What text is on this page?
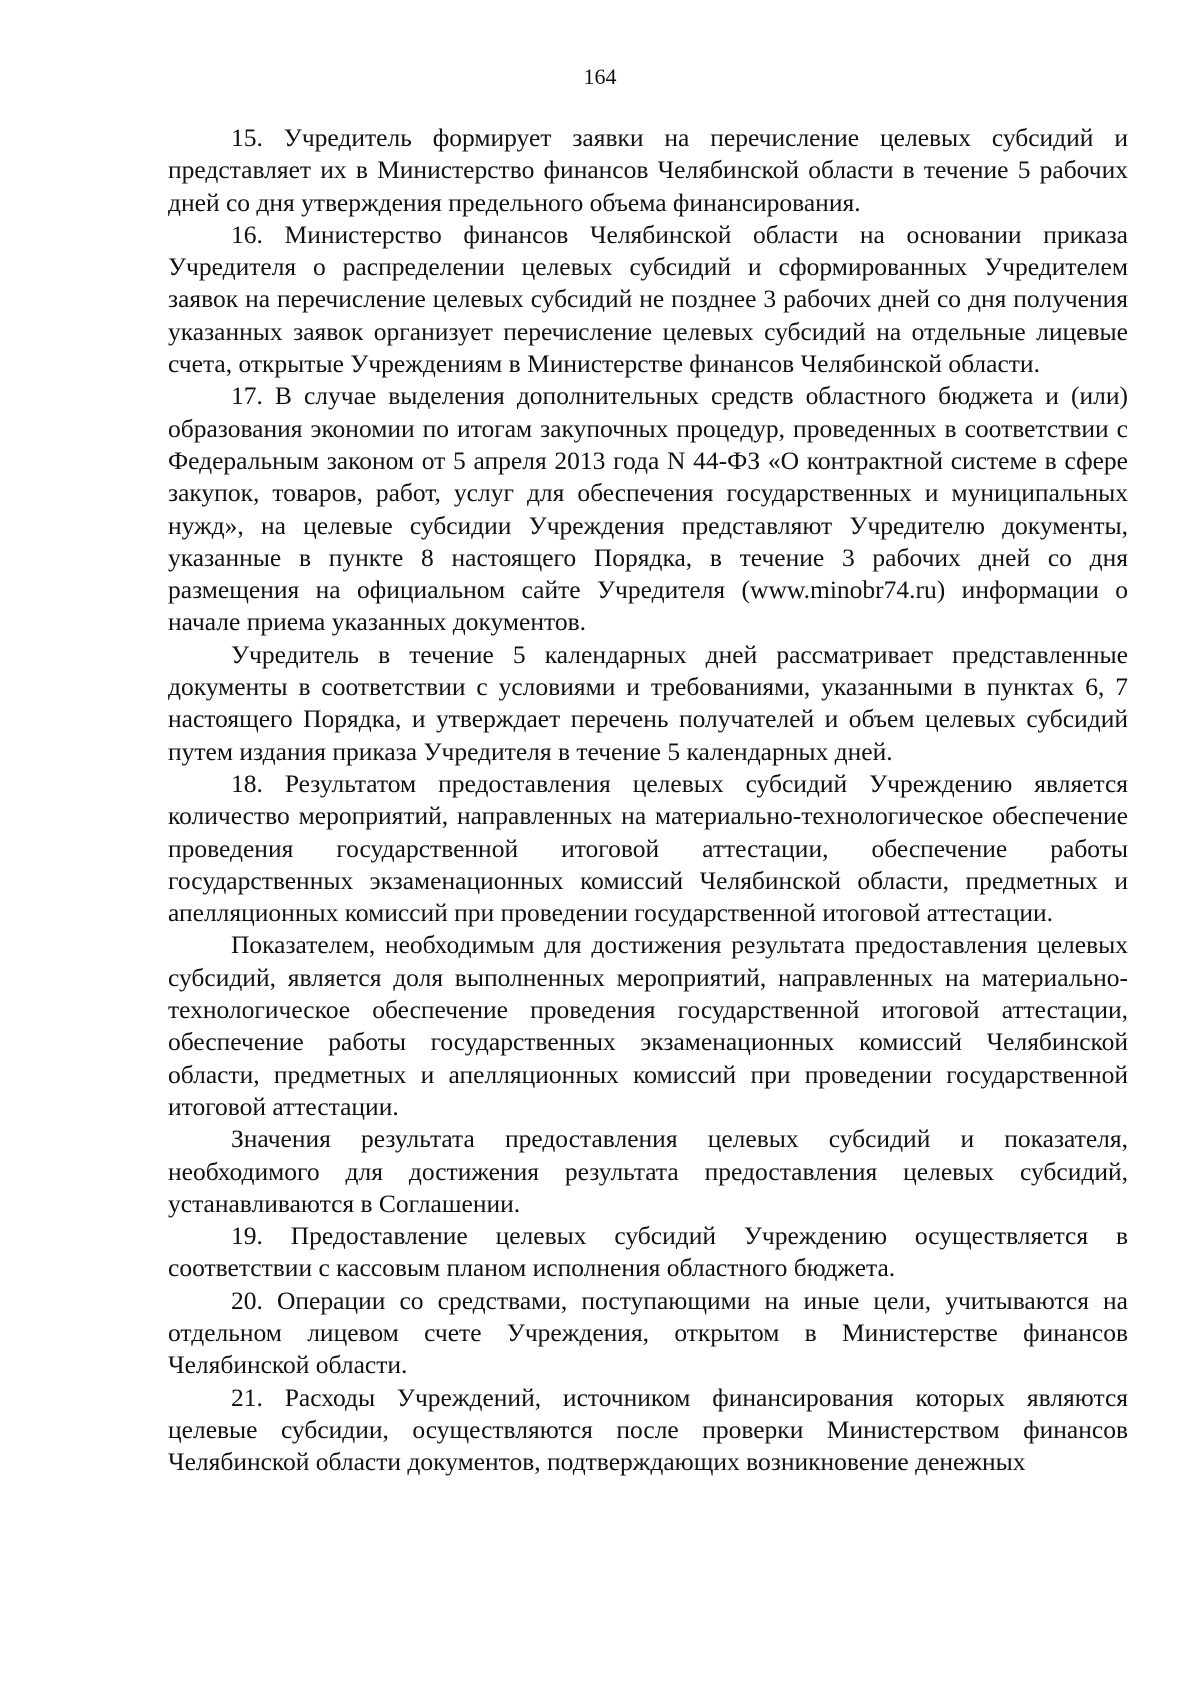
164

15. Учредитель формирует заявки на перечисление целевых субсидий и представляет их в Министерство финансов Челябинской области в течение 5 рабочих дней со дня утверждения предельного объема финансирования.

16. Министерство финансов Челябинской области на основании приказа Учредителя о распределении целевых субсидий и сформированных Учредителем заявок на перечисление целевых субсидий не позднее 3 рабочих дней со дня получения указанных заявок организует перечисление целевых субсидий на отдельные лицевые счета, открытые Учреждениям в Министерстве финансов Челябинской области.

17. В случае выделения дополнительных средств областного бюджета и (или) образования экономии по итогам закупочных процедур, проведенных в соответствии с Федеральным законом от 5 апреля 2013 года N 44-ФЗ «О контрактной системе в сфере закупок, товаров, работ, услуг для обеспечения государственных и муниципальных нужд», на целевые субсидии Учреждения представляют Учредителю документы, указанные в пункте 8 настоящего Порядка, в течение 3 рабочих дней со дня размещения на официальном сайте Учредителя (www.minobr74.ru) информации о начале приема указанных документов.

Учредитель в течение 5 календарных дней рассматривает представленные документы в соответствии с условиями и требованиями, указанными в пунктах 6, 7 настоящего Порядка, и утверждает перечень получателей и объем целевых субсидий путем издания приказа Учредителя в течение 5 календарных дней.

18. Результатом предоставления целевых субсидий Учреждению является количество мероприятий, направленных на материально-технологическое обеспечение проведения государственной итоговой аттестации, обеспечение работы государственных экзаменационных комиссий Челябинской области, предметных и апелляционных комиссий при проведении государственной итоговой аттестации.

Показателем, необходимым для достижения результата предоставления целевых субсидий, является доля выполненных мероприятий, направленных на материально-технологическое обеспечение проведения государственной итоговой аттестации, обеспечение работы государственных экзаменационных комиссий Челябинской области, предметных и апелляционных комиссий при проведении государственной итоговой аттестации.

Значения результата предоставления целевых субсидий и показателя, необходимого для достижения результата предоставления целевых субсидий, устанавливаются в Соглашении.

19. Предоставление целевых субсидий Учреждению осуществляется в соответствии с кассовым планом исполнения областного бюджета.

20. Операции со средствами, поступающими на иные цели, учитываются на отдельном лицевом счете Учреждения, открытом в Министерстве финансов Челябинской области.

21. Расходы Учреждений, источником финансирования которых являются целевые субсидии, осуществляются после проверки Министерством финансов Челябинской области документов, подтверждающих возникновение денежных
